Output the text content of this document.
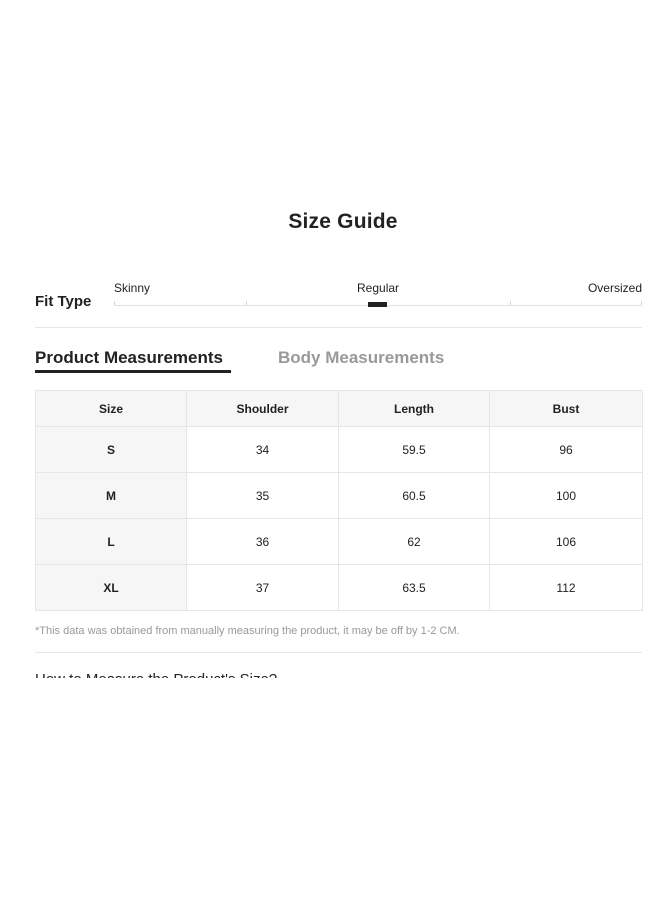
Size Guide
Fit Type
Skinny	Regular	Oversized
Product Measurements	Body Measurements
Size	Shoulder	Length	Bust
S	34	59.5	96
M	35	60.5	100
L	36	62	106
XL	37	63.5	112
*This data was obtained from manually measuring the product, it may be off by 1-2 CM.
